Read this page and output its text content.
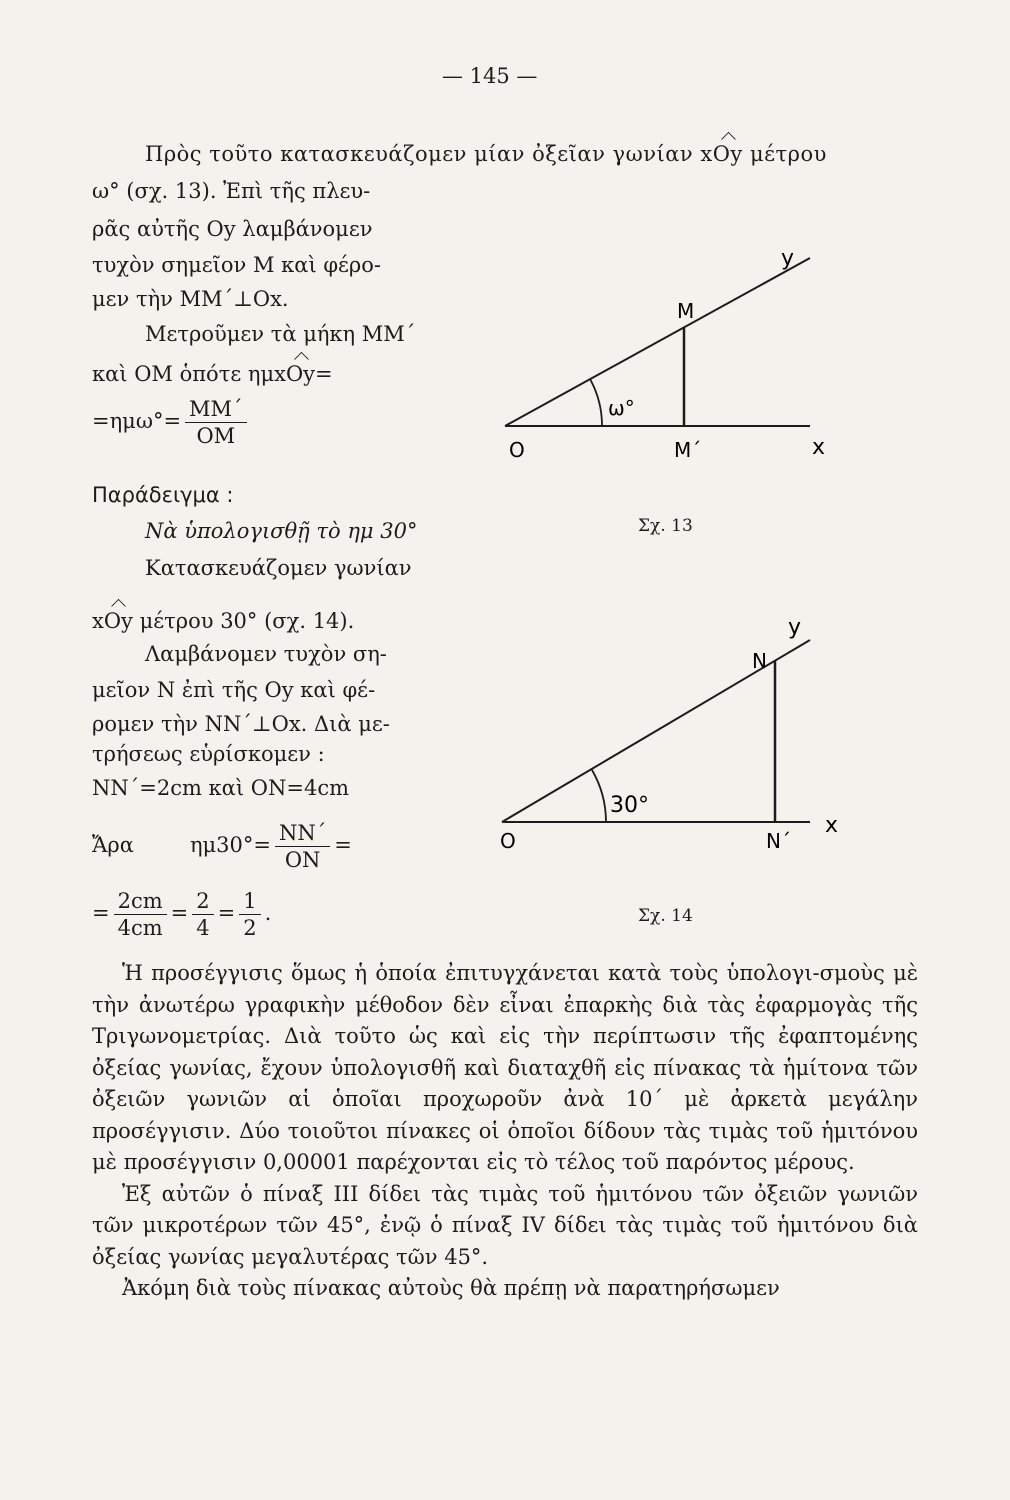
— 145 —
Πρὸς τοῦτο κατασκευάζομεν μίαν ὀξεῖαν γωνίαν xOy μέτρου
ω° (σχ. 13). Ἐπὶ τῆς πλευ-
ρᾶς αὐτῆς Oy λαμβάνομεν
τυχὸν σημεῖον M καὶ φέρο-
μεν τὴν MM΄⊥Ox.
Μετροῦμεν τὰ μήκη MM΄
καὶ OM ὁπότε ημxOy=
$=\eta\mu\omega^\circ= \frac{MM΄}{OM}$
y
M
ω°
O	M΄	x
Σχ. 13
Παράδειγμα :
Νὰ ὑπολογισθῇ τὸ ημ 30°
Κατασκευάζομεν γωνίαν
xOy μέτρου 30° (σχ. 14).
Λαμβάνομεν τυχὸν ση-
μεῖον N ἐπὶ τῆς Oy καὶ φέ-
ρομεν τὴν NN΄⊥Ox. Διὰ με-
τρήσεως εὑρίσκομεν :
NN΄=2cm καὶ ON=4cm
Ἄρα	$\eta\mu 30^\circ= \frac{NN΄}{ON}$ =
= $\frac{2cm}{4cm} = \frac{2}{4} = \frac{1}{2}$ .
y
N
30°
O	N΄
x
Σχ. 14

Ἡ προσέγγισις ὅμως ἡ ὁποία ἐπιτυγχάνεται κατὰ τοὺς ὑπολογι-σμοὺς μὲ τὴν ἀνωτέρω γραφικὴν μέθοδον δὲν εἶναι ἐπαρκὴς διὰ τὰς ἐφαρμογὰς τῆς Τριγωνομετρίας. Διὰ τοῦτο ὡς καὶ εἰς τὴν περίπτωσιν τῆς ἐφαπτομένης ὀξείας γωνίας, ἔχουν ὑπολογισθῆ καὶ διαταχθῆ εἰς πίνακας τὰ ἡμίτονα τῶν ὀξειῶν γωνιῶν αἱ ὁποῖαι προχωροῦν ἀνὰ 10΄ μὲ ἀρκετὰ μεγάλην προσέγγισιν. Δύο τοιοῦτοι πίνακες οἱ ὁποῖοι δίδουν τὰς τιμὰς τοῦ ἡμιτόνου μὲ προσέγγισιν 0,00001 παρέχονται εἰς τὸ τέλος τοῦ παρόντος μέρους.

Ἐξ αὐτῶν ὁ πίναξ III δίδει τὰς τιμὰς τοῦ ἡμιτόνου τῶν ὀξειῶν γωνιῶν τῶν μικροτέρων τῶν 45°, ἐνῷ ὁ πίναξ IV δίδει τὰς τιμὰς τοῦ ἡμιτόνου διὰ ὀξείας γωνίας μεγαλυτέρας τῶν 45°.

Ἀκόμη διὰ τοὺς πίνακας αὐτοὺς θὰ πρέπῃ νὰ παρατηρήσωμεν
